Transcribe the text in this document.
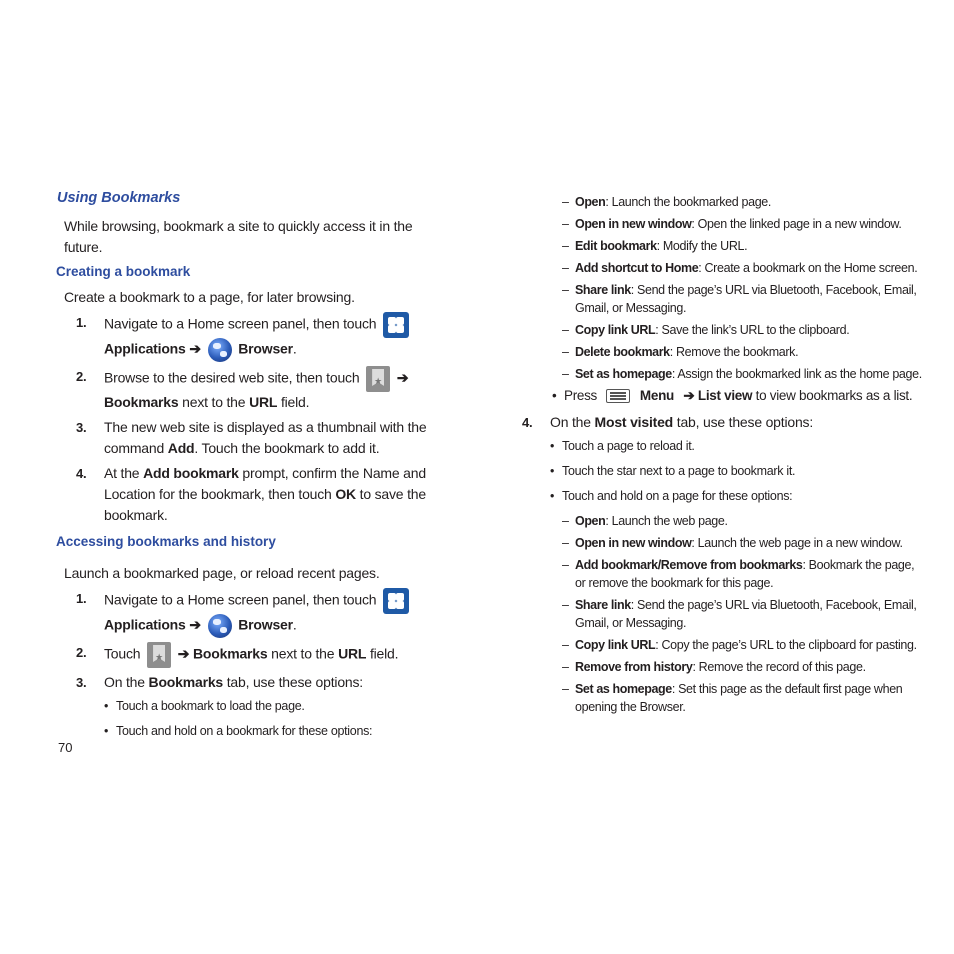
Using Bookmarks
While browsing, bookmark a site to quickly access it in the future.
Creating a bookmark
Create a bookmark to a page, for later browsing.
1.	Navigate to a Home screen panel, then touch

Applications ➔	Browser.
2.	Browse to the desired web site, then touch ★ ➔ Bookmarks next to the URL field.
3.	The new web site is displayed as a thumbnail with the command Add. Touch the bookmark to add it.
4.	At the Add bookmark prompt, confirm the Name and Location for the bookmark, then touch OK to save the bookmark.
Accessing bookmarks and history
Launch a bookmarked page, or reload recent pages.
1.	Navigate to a Home screen panel, then touch

Applications ➔	Browser.
2.	Touch ★ ➔ Bookmarks next to the URL field.
3.	On the Bookmarks tab, use these options:
• Touch a bookmark to load the page.
• Touch and hold on a bookmark for these options:
– Open: Launch the bookmarked page.
– Open in new window: Open the linked page in a new window.
– Edit bookmark: Modify the URL.
– Add shortcut to Home: Create a bookmark on the Home screen.
– Share link: Send the page’s URL via Bluetooth, Facebook, Email, Gmail, or Messaging.
– Copy link URL: Save the link’s URL to the clipboard.
– Delete bookmark: Remove the bookmark.
– Set as homepage: Assign the bookmarked link as the home page.
• Press	Menu ➔ List view to view bookmarks as a list.
4.	On the Most visited tab, use these options:
• Touch a page to reload it.
• Touch the star next to a page to bookmark it.
• Touch and hold on a page for these options:
– Open: Launch the web page.
– Open in new window: Launch the web page in a new window.
– Add bookmark/Remove from bookmarks: Bookmark the page, or remove the bookmark for this page.
– Share link: Send the page’s URL via Bluetooth, Facebook, Email, Gmail, or Messaging.
– Copy link URL: Copy the page’s URL to the clipboard for pasting.
– Remove from history: Remove the record of this page.
– Set as homepage: Set this page as the default first page when opening the Browser.
70
